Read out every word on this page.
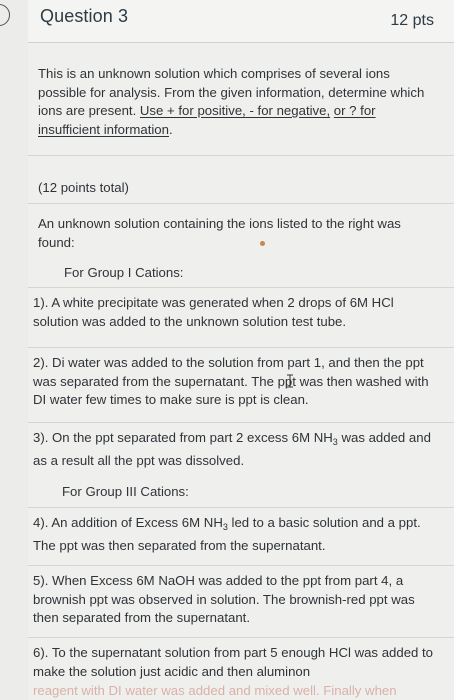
Question 3	12 pts
This is an unknown solution which comprises of several ions possible for analysis. From the given information, determine which ions are present. Use + for positive, - for negative, or ? for insufficient information.
(12 points total)
An unknown solution containing the ions listed to the right was found:
For Group I Cations:
1). A white precipitate was generated when 2 drops of 6M HCl solution was added to the unknown solution test tube.
2). Di water was added to the solution from part 1, and then the ppt was separated from the supernatant. The ppt was then washed with DI water few times to make sure is ppt is clean.
3). On the ppt separated from part 2 excess 6M $NH_3$ was added and as a result all the ppt was dissolved.
For Group III Cations:
4). An addition of Excess 6M $NH_3$ led to a basic solution and a ppt. The ppt was then separated from the supernatant.
5). When Excess 6M NaOH was added to the ppt from part 4, a brownish ppt was observed in solution. The brownish-red ppt was then separated from the supernatant.
6). To the supernatant solution from part 5 enough HCl was added to make the solution just acidic and then aluminon
reagent with DI water was added and mixed well. Finally when
